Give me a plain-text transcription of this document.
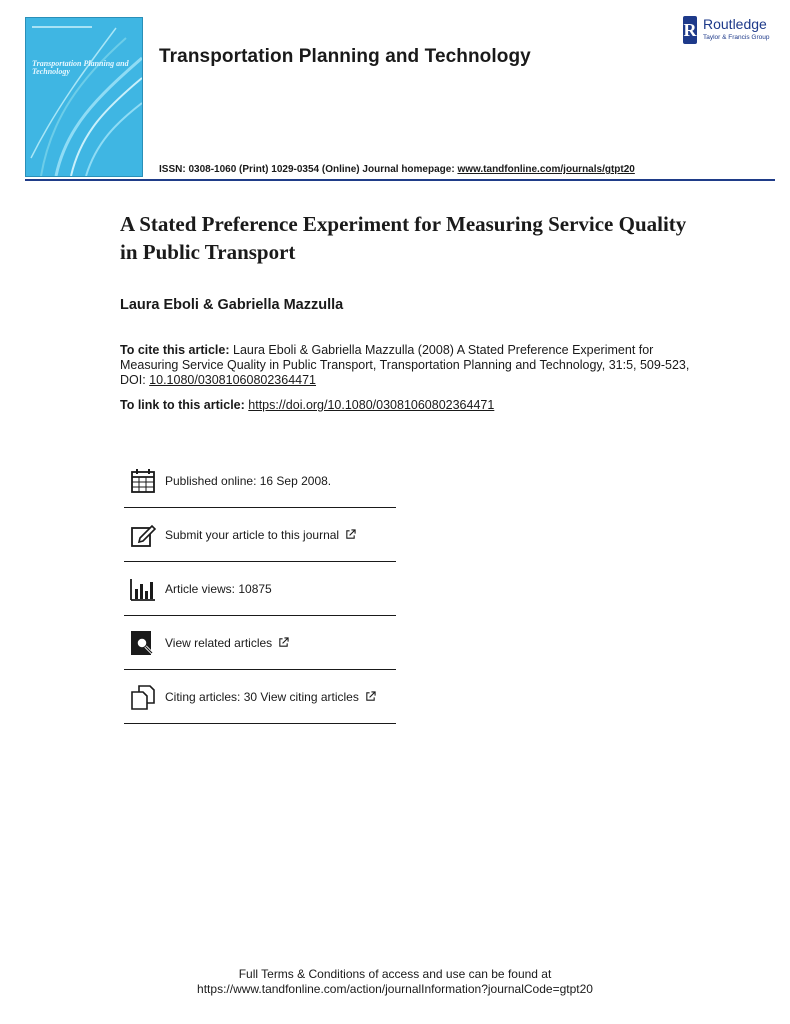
Transportation Planning and Technology
Transportation Planning and Technology
ISSN: 0308-1060 (Print) 1029-0354 (Online) Journal homepage: www.tandfonline.com/journals/gtpt20
R Routledge
Taylor & Francis Group
A Stated Preference Experiment for Measuring Service Quality in Public Transport
Laura Eboli & Gabriella Mazzulla
To cite this article: Laura Eboli & Gabriella Mazzulla (2008) A Stated Preference Experiment for Measuring Service Quality in Public Transport, Transportation Planning and Technology, 31:5, 509-523, DOI: 10.1080/03081060802364471
To link to this article: https://doi.org/10.1080/03081060802364471
Published online: 16 Sep 2008.
Submit your article to this journal
Article views: 10875
View related articles
Citing articles: 30 View citing articles
Full Terms & Conditions of access and use can be found at
https://www.tandfonline.com/action/journalInformation?journalCode=gtpt20
